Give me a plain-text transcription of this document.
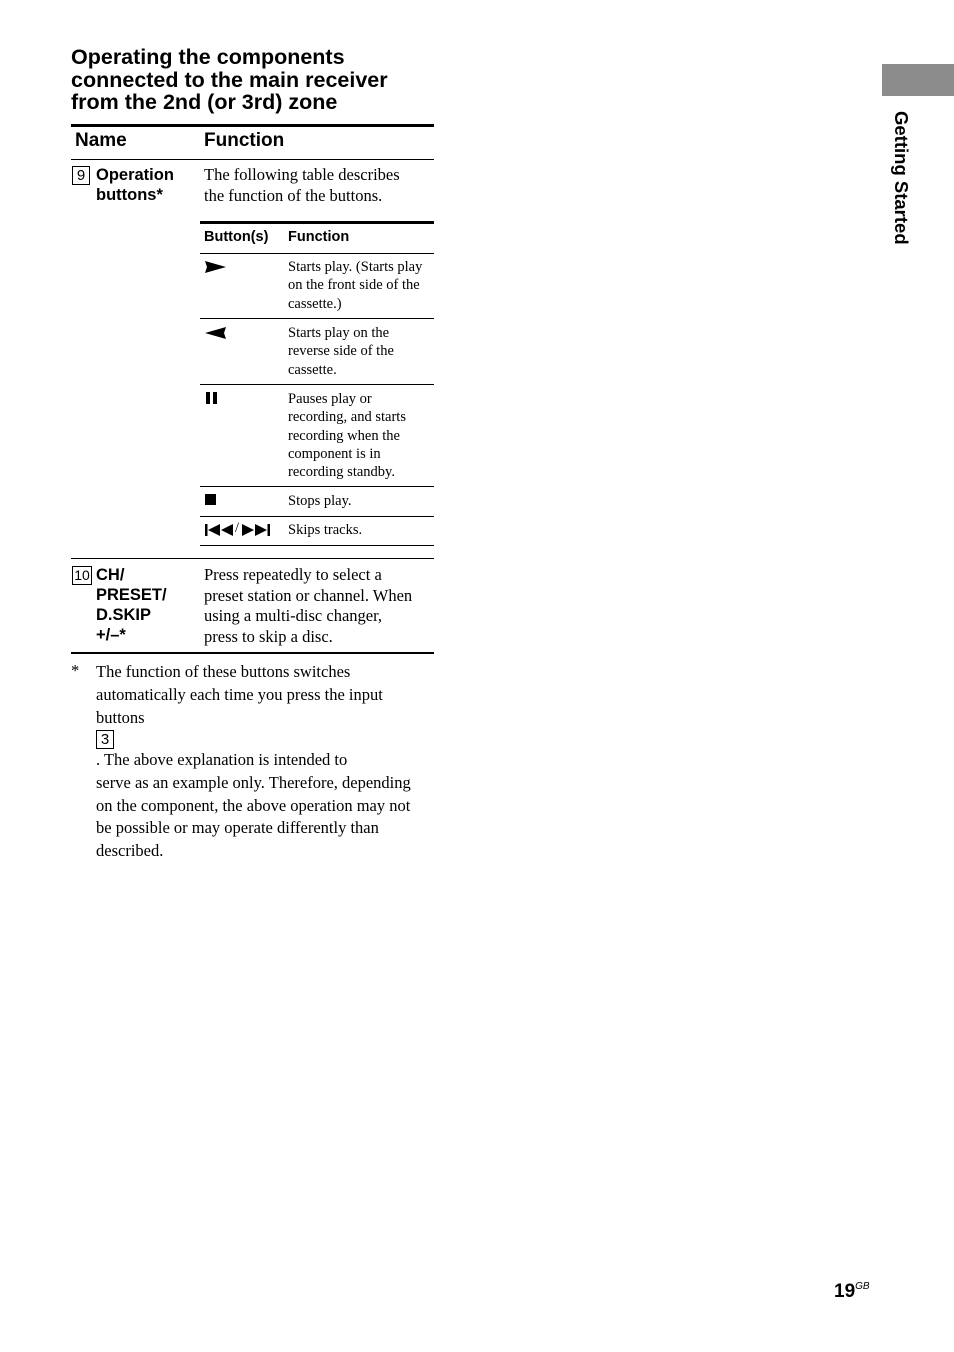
Operating the components
connected to the main receiver
from the 2nd (or 3rd) zone
Name	Function
9 Operation
buttons*
The following table describes
the function of the buttons.
Button(s) Function
Starts play. (Starts play
on the front side of the
cassette.)
Starts play on the
reverse side of the
cassette.
Pauses play or
recording, and starts
recording when the
component is in
recording standby.
Stops play.
/	Skips tracks.
10 CH/
PRESET/
D.SKIP
+/–*
Press repeatedly to select a
preset station or channel. When
using a multi-disc changer,
press to skip a disc.
* The function of these buttons switches
automatically each time you press the input
buttons
3
. The above explanation is intended to
serve as an example only. Therefore, depending
on the component, the above operation may not
be possible or may operate differently than
described.
Getting Started
$19^{GB}$
